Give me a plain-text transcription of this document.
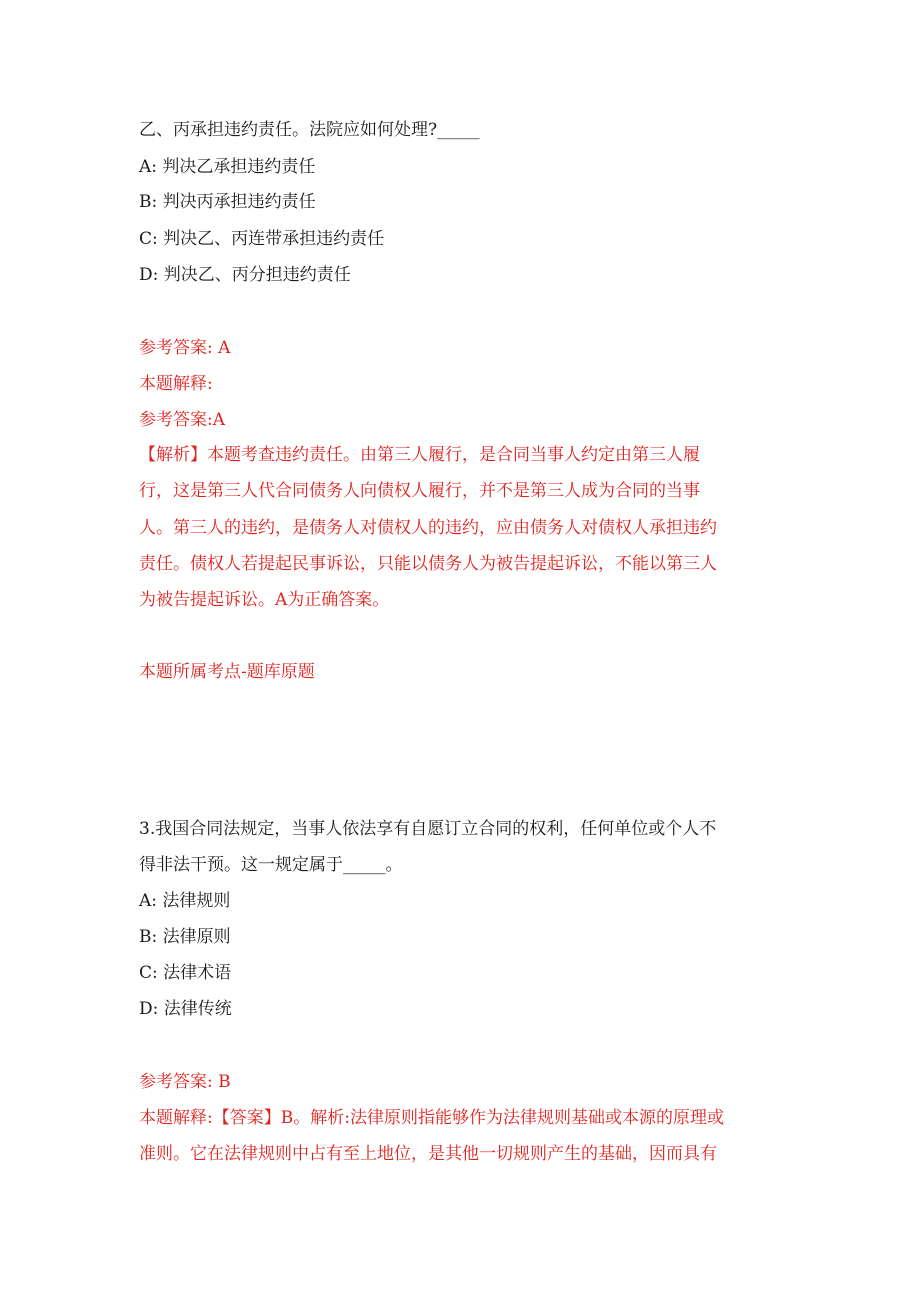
乙、丙承担违约责任。法院应如何处理?_____
A: 判决乙承担违约责任
B: 判决丙承担违约责任
C: 判决乙、丙连带承担违约责任
D: 判决乙、丙分担违约责任
参考答案: A
本题解释:
参考答案:A
【解析】本题考查违约责任。由第三人履行，是合同当事人约定由第三人履
行，这是第三人代合同债务人向债权人履行，并不是第三人成为合同的当事
人。第三人的违约，是债务人对债权人的违约，应由债务人对债权人承担违约
责任。债权人若提起民事诉讼，只能以债务人为被告提起诉讼，不能以第三人
为被告提起诉讼。A为正确答案。
本题所属考点-题库原题
3.我国合同法规定，当事人依法享有自愿订立合同的权利，任何单位或个人不
得非法干预。这一规定属于_____。
A: 法律规则
B: 法律原则
C: 法律术语
D: 法律传统
参考答案: B
本题解释:【答案】B。解析:法律原则指能够作为法律规则基础或本源的原理或
准则。它在法律规则中占有至上地位，是其他一切规则产生的基础，因而具有
